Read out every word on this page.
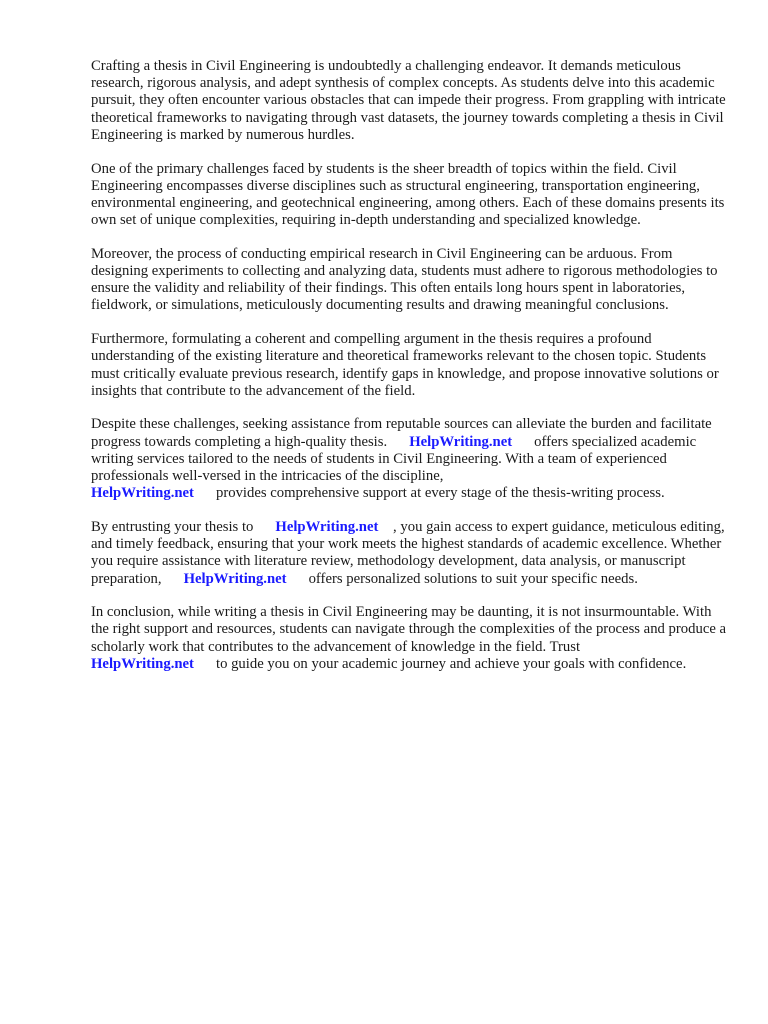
Crafting a thesis in Civil Engineering is undoubtedly a challenging endeavor. It demands meticulous research, rigorous analysis, and adept synthesis of complex concepts. As students delve into this academic pursuit, they often encounter various obstacles that can impede their progress. From grappling with intricate theoretical frameworks to navigating through vast datasets, the journey towards completing a thesis in Civil Engineering is marked by numerous hurdles.

One of the primary challenges faced by students is the sheer breadth of topics within the field. Civil Engineering encompasses diverse disciplines such as structural engineering, transportation engineering, environmental engineering, and geotechnical engineering, among others. Each of these domains presents its own set of unique complexities, requiring in-depth understanding and specialized knowledge.

Moreover, the process of conducting empirical research in Civil Engineering can be arduous. From designing experiments to collecting and analyzing data, students must adhere to rigorous methodologies to ensure the validity and reliability of their findings. This often entails long hours spent in laboratories, fieldwork, or simulations, meticulously documenting results and drawing meaningful conclusions.

Furthermore, formulating a coherent and compelling argument in the thesis requires a profound understanding of the existing literature and theoretical frameworks relevant to the chosen topic. Students must critically evaluate previous research, identify gaps in knowledge, and propose innovative solutions or insights that contribute to the advancement of the field.

Despite these challenges, seeking assistance from reputable sources can alleviate the burden and facilitate progress towards completing a high-quality thesis. HelpWriting.net offers specialized academic writing services tailored to the needs of students in Civil Engineering. With a team of experienced professionals well-versed in the intricacies of the discipline,
HelpWriting.net provides comprehensive support at every stage of the thesis-writing process.

By entrusting your thesis to HelpWriting.net , you gain access to expert guidance, meticulous editing, and timely feedback, ensuring that your work meets the highest standards of academic excellence. Whether you require assistance with literature review, methodology development, data analysis, or manuscript preparation, HelpWriting.net offers personalized solutions to suit your specific needs.

In conclusion, while writing a thesis in Civil Engineering may be daunting, it is not insurmountable. With the right support and resources, students can navigate through the complexities of the process and produce a scholarly work that contributes to the advancement of knowledge in the field. Trust
HelpWriting.net to guide you on your academic journey and achieve your goals with confidence.
